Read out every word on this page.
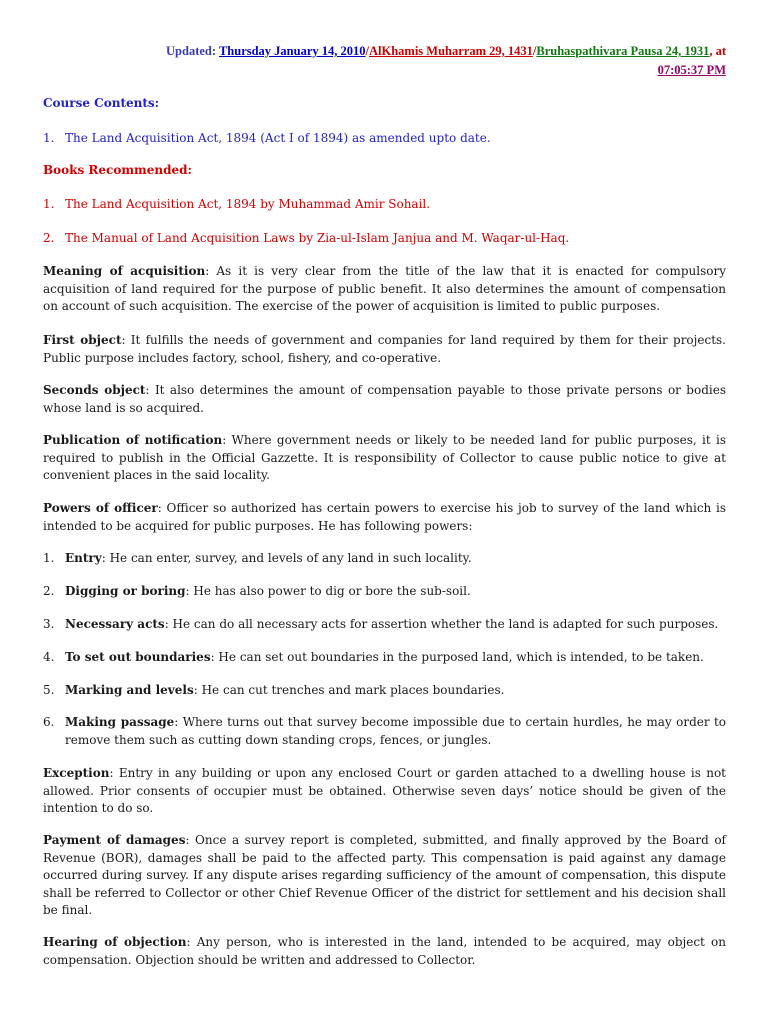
Updated: Thursday January 14, 2010/AlKhamis Muharram 29, 1431/Bruhaspathivara Pausa 24, 1931, at
07:05:37 PM

Course Contents:
1. The Land Acquisition Act, 1894 (Act I of 1894) as amended upto date.
Books Recommended:
1. The Land Acquisition Act, 1894 by Muhammad Amir Sohail.
2. The Manual of Land Acquisition Laws by Zia-ul-Islam Janjua and M. Waqar-ul-Haq.

Meaning of acquisition: As it is very clear from the title of the law that it is enacted for compulsory acquisition of land required for the purpose of public benefit. It also determines the amount of compensation on account of such acquisition. The exercise of the power of acquisition is limited to public purposes.

First object: It fulfills the needs of government and companies for land required by them for their projects. Public purpose includes factory, school, fishery, and co-operative.

Seconds object: It also determines the amount of compensation payable to those private persons or bodies whose land is so acquired.

Publication of notification: Where government needs or likely to be needed land for public purposes, it is required to publish in the Official Gazzette. It is responsibility of Collector to cause public notice to give at convenient places in the said locality.

Powers of officer: Officer so authorized has certain powers to exercise his job to survey of the land which is intended to be acquired for public purposes. He has following powers:

1. Entry: He can enter, survey, and levels of any land in such locality.
2. Digging or boring: He has also power to dig or bore the sub-soil.
3. Necessary acts: He can do all necessary acts for assertion whether the land is adapted for such purposes.
4. To set out boundaries: He can set out boundaries in the purposed land, which is intended, to be taken.
5. Marking and levels: He can cut trenches and mark places boundaries.
6. Making passage: Where turns out that survey become impossible due to certain hurdles, he may order to remove them such as cutting down standing crops, fences, or jungles.

Exception: Entry in any building or upon any enclosed Court or garden attached to a dwelling house is not allowed. Prior consents of occupier must be obtained. Otherwise seven days’ notice should be given of the intention to do so.

Payment of damages: Once a survey report is completed, submitted, and finally approved by the Board of Revenue (BOR), damages shall be paid to the affected party. This compensation is paid against any damage occurred during survey. If any dispute arises regarding sufficiency of the amount of compensation, this dispute shall be referred to Collector or other Chief Revenue Officer of the district for settlement and his decision shall be final.

Hearing of objection: Any person, who is interested in the land, intended to be acquired, may object on compensation. Objection should be written and addressed to Collector.
